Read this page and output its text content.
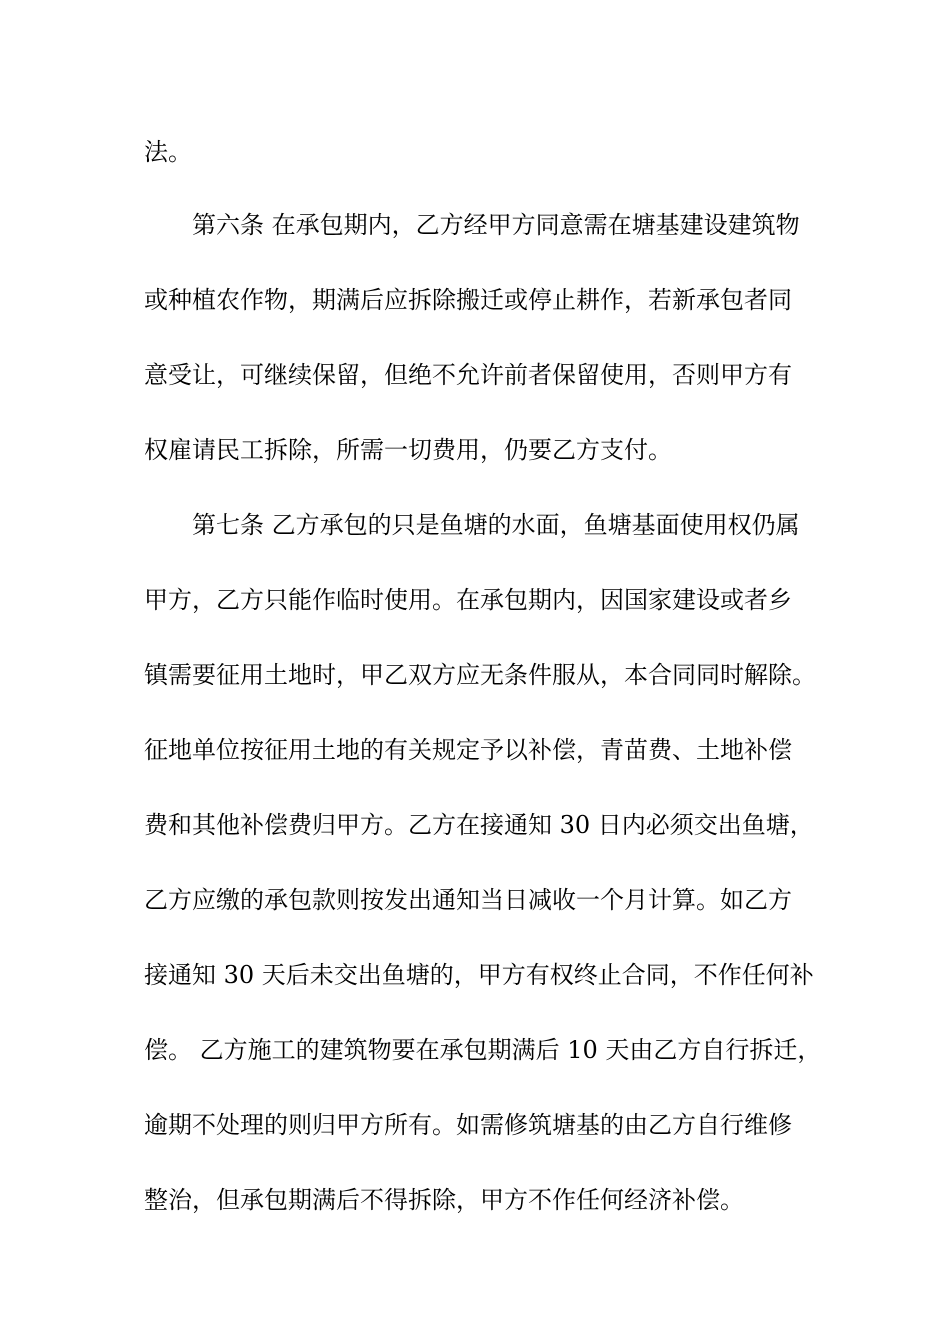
法。
第六条 在承包期内，乙方经甲方同意需在塘基建设建筑物
或种植农作物，期满后应拆除搬迁或停止耕作，若新承包者同
意受让，可继续保留，但绝不允许前者保留使用，否则甲方有
权雇请民工拆除，所需一切费用，仍要乙方支付。
第七条 乙方承包的只是鱼塘的水面，鱼塘基面使用权仍属
甲方，乙方只能作临时使用。在承包期内，因国家建设或者乡
镇需要征用土地时，甲乙双方应无条件服从，本合同同时解除。
征地单位按征用土地的有关规定予以补偿，青苗费、土地补偿
费和其他补偿费归甲方。乙方在接通知 30 日内必须交出鱼塘，
乙方应缴的承包款则按发出通知当日减收一个月计算。如乙方
接通知 30 天后未交出鱼塘的，甲方有权终止合同，不作任何补
偿。 乙方施工的建筑物要在承包期满后 10 天由乙方自行拆迁，
逾期不处理的则归甲方所有。如需修筑塘基的由乙方自行维修
整治，但承包期满后不得拆除，甲方不作任何经济补偿。
